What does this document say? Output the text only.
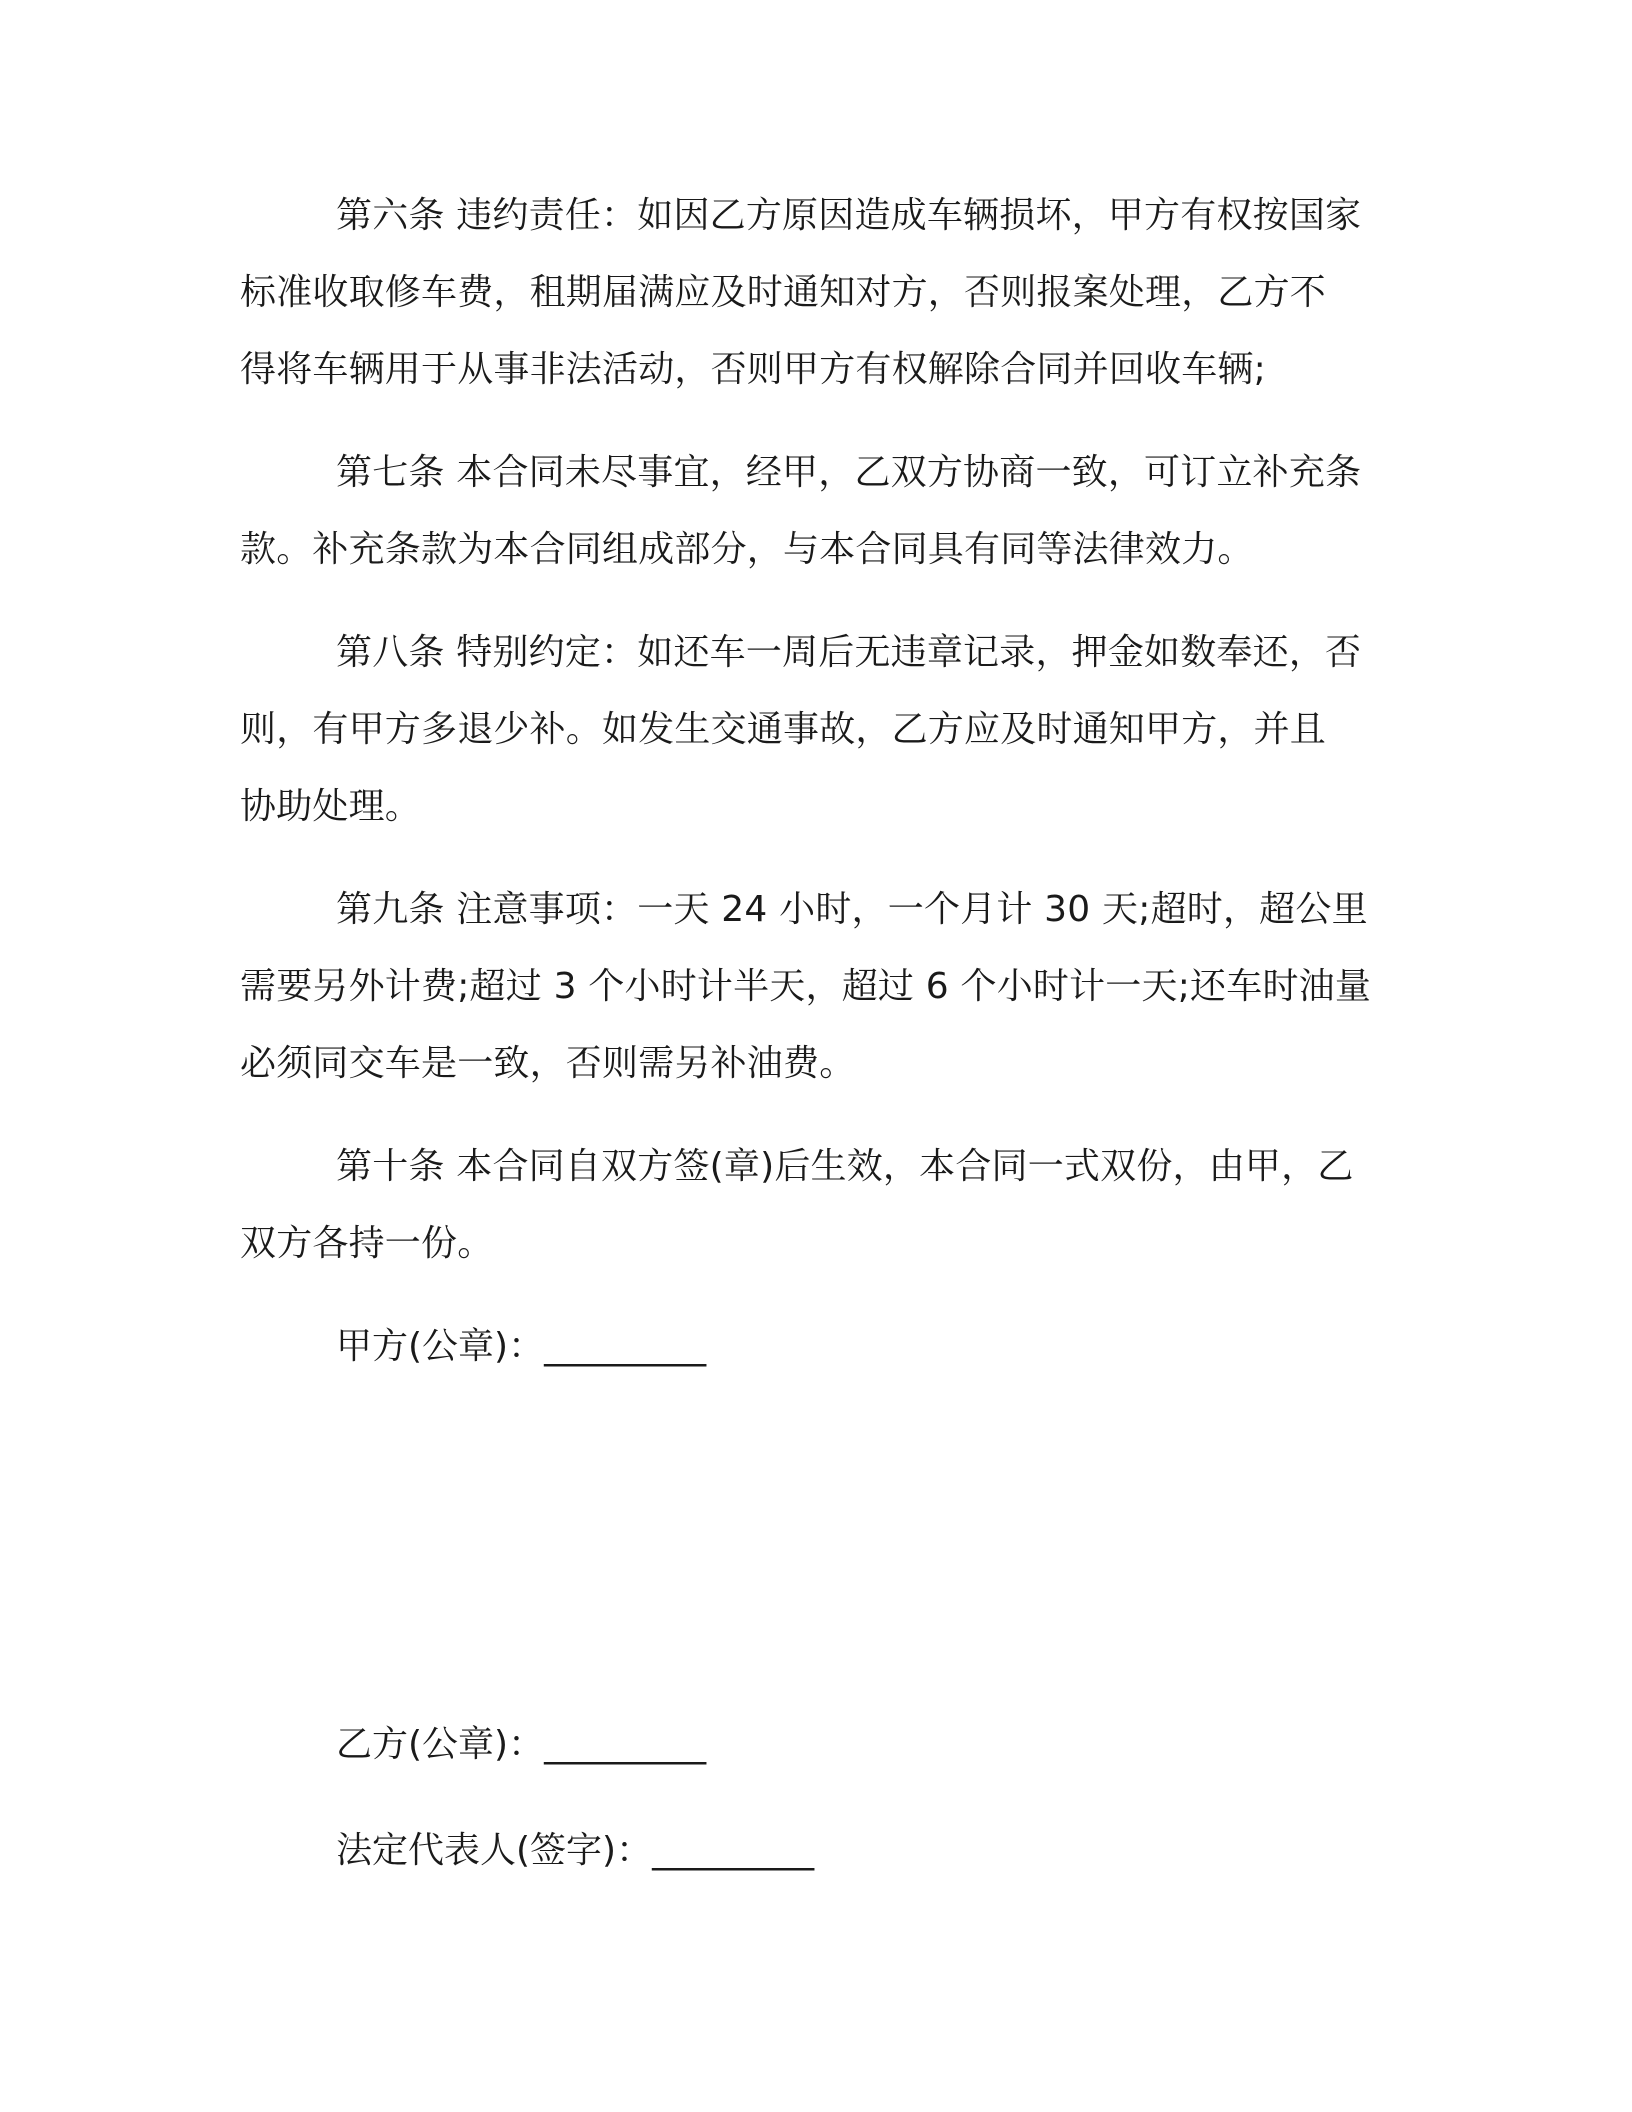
第六条 违约责任：如因乙方原因造成车辆损坏，甲方有权按国家
标准收取修车费，租期届满应及时通知对方，否则报案处理，乙方不
得将车辆用于从事非法活动，否则甲方有权解除合同并回收车辆;

第七条 本合同未尽事宜，经甲，乙双方协商一致，可订立补充条
款。补充条款为本合同组成部分，与本合同具有同等法律效力。

第八条 特别约定：如还车一周后无违章记录，押金如数奉还，否
则，有甲方多退少补。如发生交通事故，乙方应及时通知甲方，并且
协助处理。

第九条 注意事项：一天 24 小时，一个月计 30 天;超时，超公里
需要另外计费;超过 3 个小时计半天，超过 6 个小时计一天;还车时油量
必须同交车是一致，否则需另补油费。

第十条 本合同自双方签(章)后生效，本合同一式双份，由甲，乙
双方各持一份。

甲方(公章)：_________

乙方(公章)：_________

法定代表人(签字)：_________
